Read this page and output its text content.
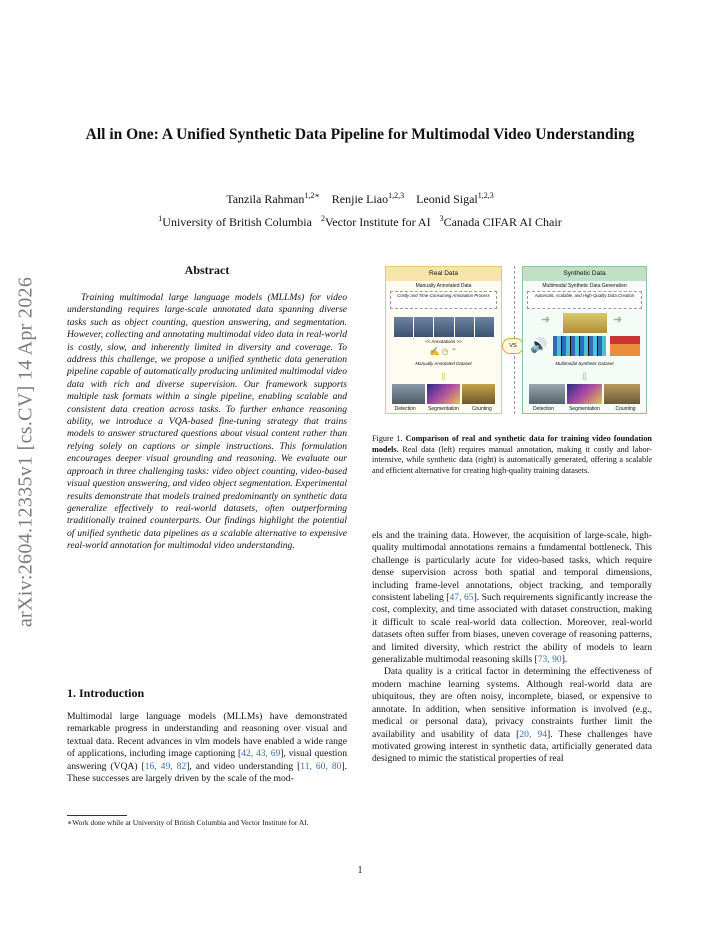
arXiv:2604.12335v1 [cs.CV] 14 Apr 2026
All in One: A Unified Synthetic Data Pipeline for Multimodal Video Understanding
Tanzila Rahman$^{1,2∗}$ Renjie Liao$^{1,2,3}$ Leonid Sigal$^{1,2,3}$
$^1$University of British Columbia $^2$Vector Institute for AI $^3$Canada CIFAR AI Chair
Abstract
Training multimodal large language models (MLLMs) for video understanding requires large-scale annotated data spanning diverse tasks such as object counting, question answering, and segmentation. However, collecting and annotating multimodal video data in real-world is costly, slow, and inherently limited in diversity and coverage. To address this challenge, we propose a unified synthetic data generation pipeline capable of automatically producing unlimited multimodal video data with rich and diverse supervision. Our framework supports multiple task formats within a single pipeline, enabling scalable and consistent data creation across tasks. To further enhance reasoning ability, we introduce a VQA-based fine-tuning strategy that trains models to answer structured questions about visual content rather than relying solely on captions or simple instructions. This formulation encourages deeper visual grounding and reasoning. We evaluate our approach in three challenging tasks: video object counting, video-based visual question answering, and video object segmentation. Experimental results demonstrate that models trained predominantly on synthetic data generalize effectively to real-world datasets, often outperforming traditionally trained counterparts. Our findings highlight the potential of unified synthetic data pipelines as a scalable alternative to expensive real-world annotation for multimodal video understanding.
1. Introduction
Multimodal large language models (MLLMs) have demonstrated remarkable progress in understanding and reasoning over visual and textual data. Recent advances in vlm models have enabled a wide range of applications, including image captioning [42, 43, 69], visual question answering (VQA) [16, 49, 82], and video understanding [11, 60, 80]. These successes are largely driven by the scale of the mod-
∗Work done while at University of British Columbia and Vector Institute for AI.
Real Data
Manually Annotated Data
Costly and Time-Consuming Annotation Process
<< Annotations >>
✍ ◷ ⌃
Manually Annotated Dataset
⇩
Detection	Segmentation	Counting
VS
Synthetic Data
Multimodal Synthetic Data Generation
Automatic, scalable, and High-Quality Data Creation
➜	➜
🔊
Multimodal Synthetic Dataset
⇩
Detection	Segmentation	Counting
Figure 1. Comparison of real and synthetic data for training video foundation models. Real data (left) requires manual annotation, making it costly and labor-intensive, while synthetic data (right) is automatically generated, offering a scalable and efficient alternative for creating high-quality training datasets.

els and the training data. However, the acquisition of large-scale, high-quality multimodal annotations remains a fundamental bottleneck. This challenge is particularly acute for video-based tasks, which require dense supervision across both spatial and temporal dimensions, including frame-level annotations, object tracking, and temporally consistent labeling [47, 65]. Such requirements significantly increase the cost, complexity, and time associated with dataset construction, making it difficult to scale real-world data collection. Moreover, real-world datasets often suffer from biases, uneven coverage of reasoning patterns, and limited diversity, which restrict the ability of models to learn generalizable multimodal reasoning skills [73, 90].

Data quality is a critical factor in determining the effectiveness of modern machine learning systems. Although real-world data are ubiquitous, they are often noisy, incomplete, biased, or expensive to annotate. In addition, when sensitive information is involved (e.g., medical or personal data), privacy constraints further limit the availability and usability of data [20, 94]. These challenges have motivated growing interest in synthetic data, artificially generated data designed to mimic the statistical properties of real

1
